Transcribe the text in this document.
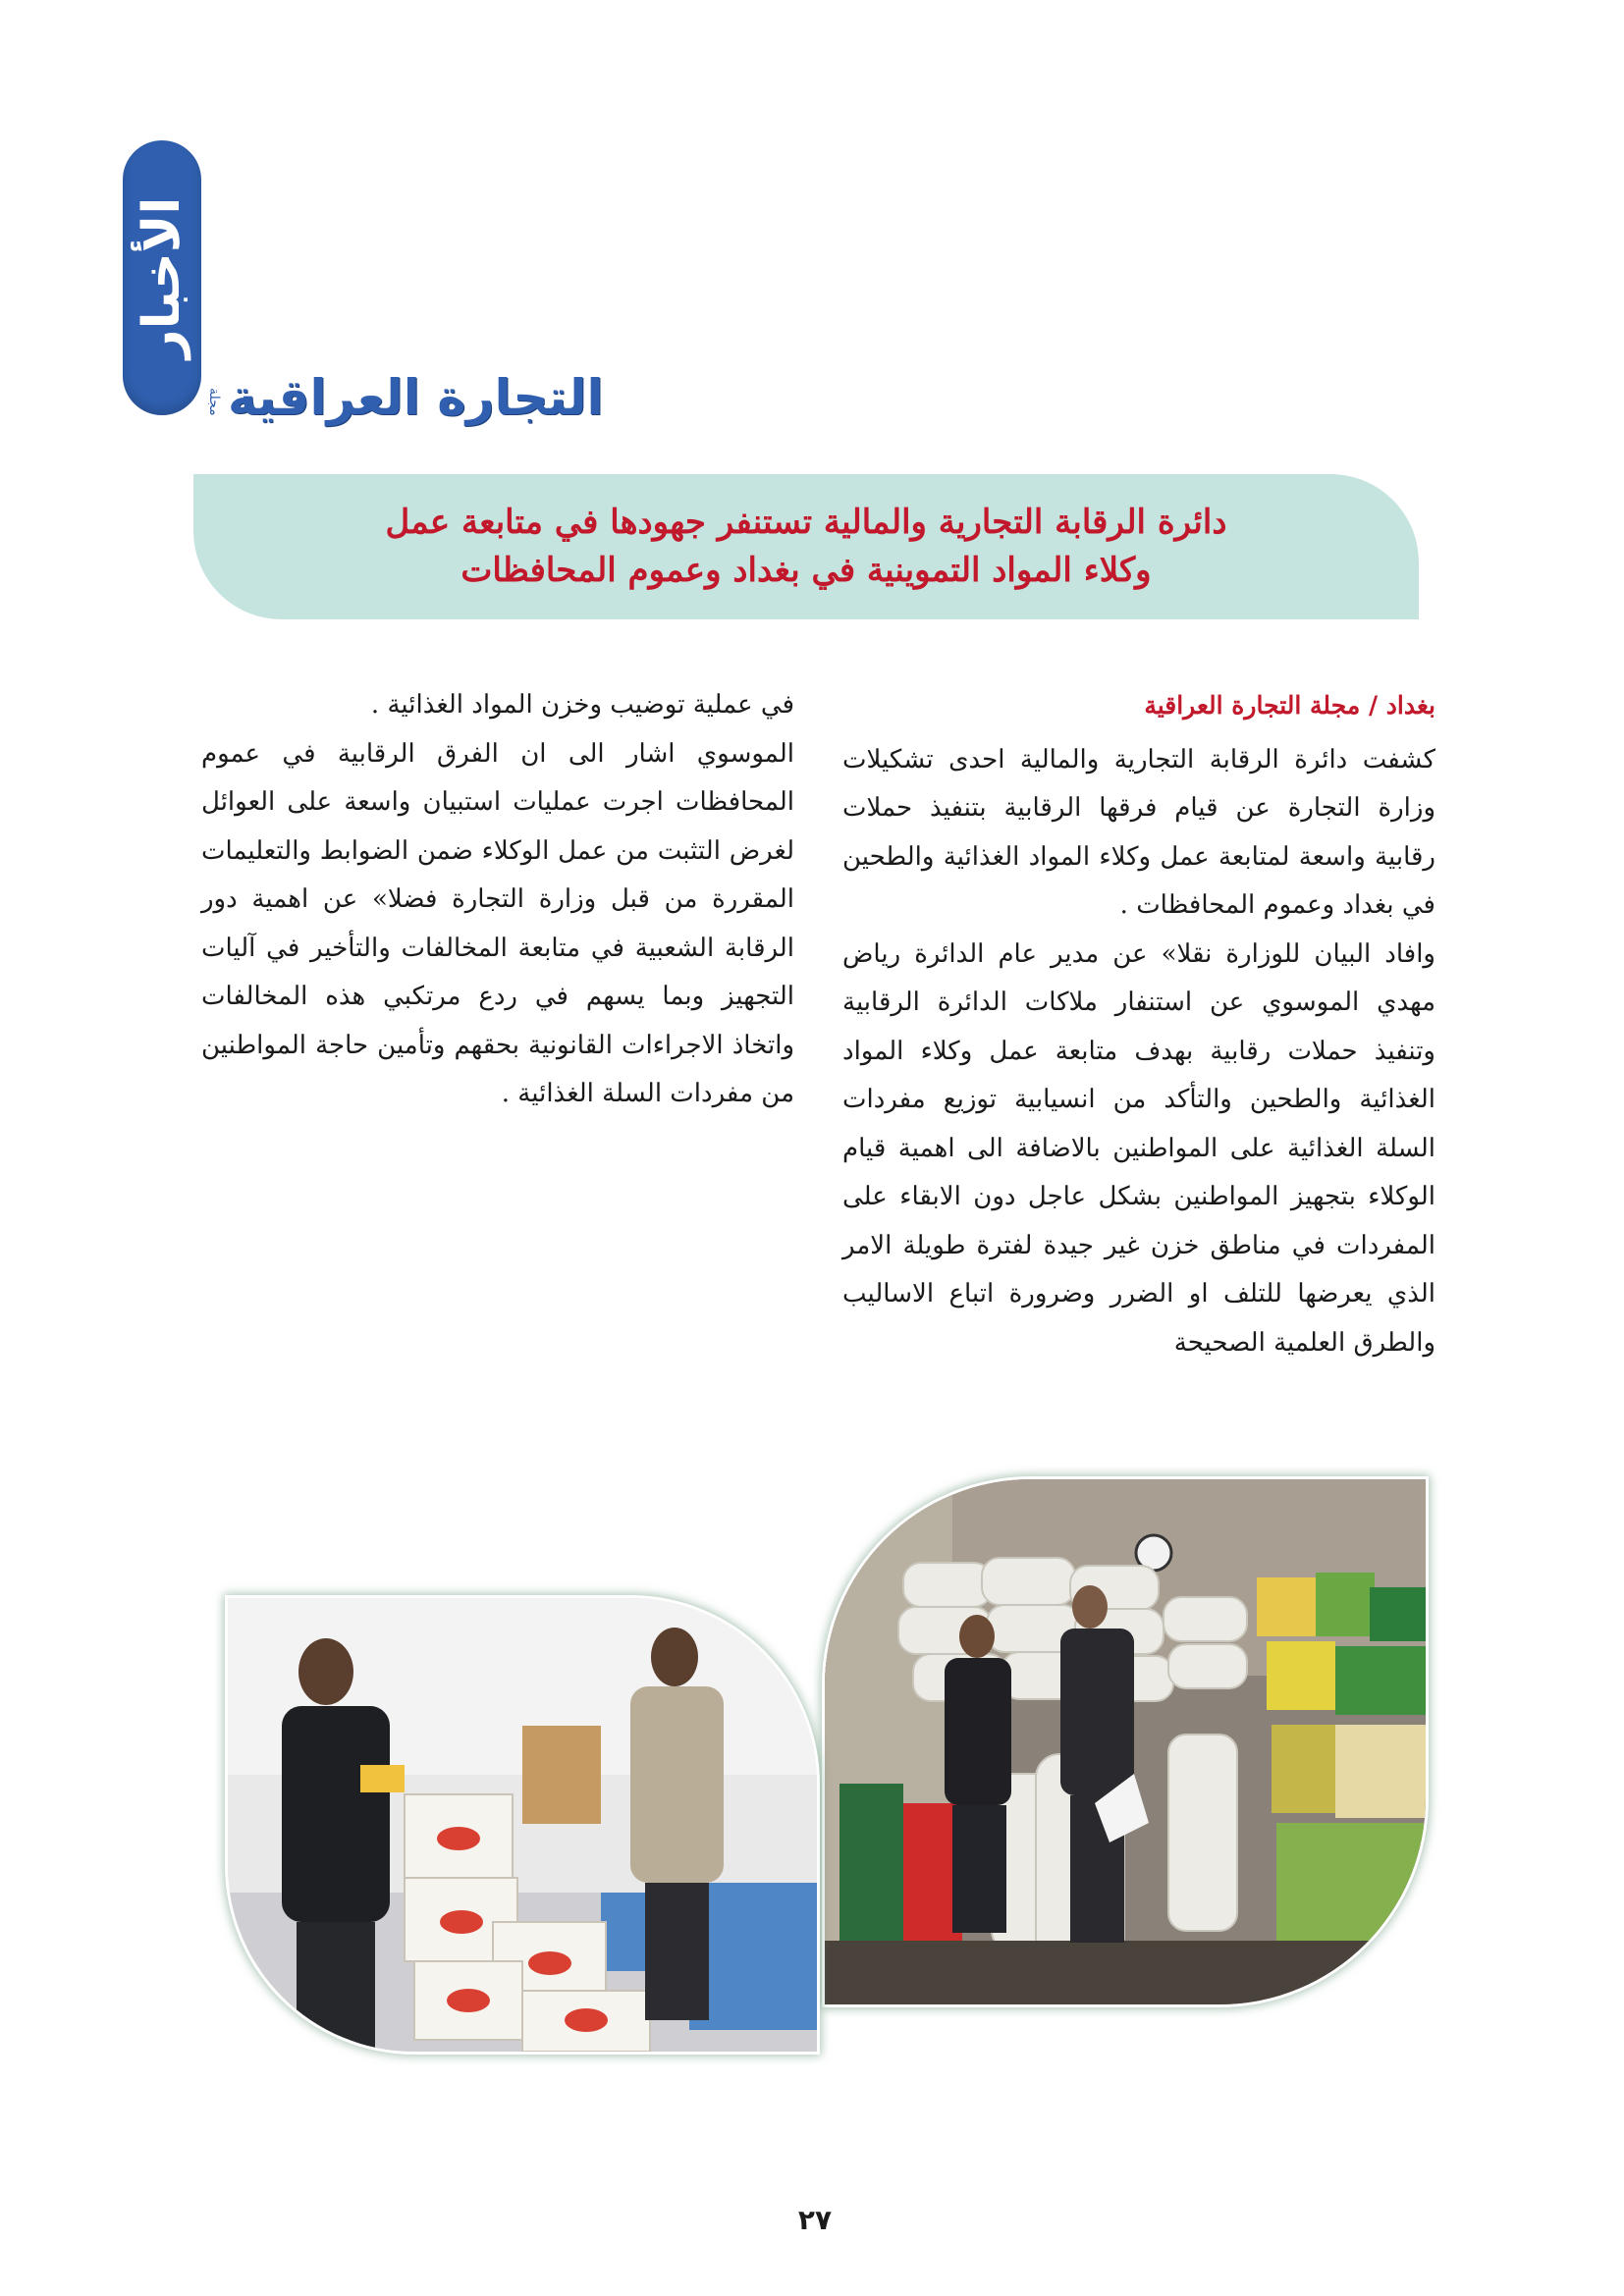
الأخبار
التجارة العراقية
مجلة
دائرة الرقابة التجارية والمالية تستنفر جهودها في متابعة عمل
وكلاء المواد التموينية في بغداد وعموم المحافظات

بغداد / مجلة التجارة العراقية

كشفت دائرة الرقابة التجارية والمالية احدى تشكيلات وزارة التجارة عن قيام فرقها الرقابية بتنفيذ حملات رقابية واسعة لمتابعة عمل وكلاء المواد الغذائية والطحين في بغداد وعموم المحافظات .

وافاد البيان للوزارة نقلا» عن مدير عام الدائرة رياض مهدي الموسوي عن استنفار ملاكات الدائرة الرقابية وتنفيذ حملات رقابية بهدف متابعة عمل وكلاء المواد الغذائية والطحين والتأكد من انسيابية توزيع مفردات السلة الغذائية على المواطنين بالاضافة الى اهمية قيام الوكلاء بتجهيز المواطنين بشكل عاجل دون الابقاء على المفردات في مناطق خزن غير جيدة لفترة طويلة الامر الذي يعرضها للتلف او الضرر وضرورة اتباع الاساليب والطرق العلمية الصحيحة

في عملية توضيب وخزن المواد الغذائية .

الموسوي اشار الى ان الفرق الرقابية في عموم المحافظات اجرت عمليات استبيان واسعة على العوائل لغرض التثبت من عمل الوكلاء ضمن الضوابط والتعليمات المقررة من قبل وزارة التجارة فضلا» عن اهمية دور الرقابة الشعبية في متابعة المخالفات والتأخير في آليات التجهيز وبما يسهم في ردع مرتكبي هذه المخالفات واتخاذ الاجراءات القانونية بحقهم وتأمين حاجة المواطنين من مفردات السلة الغذائية .

٢٧
